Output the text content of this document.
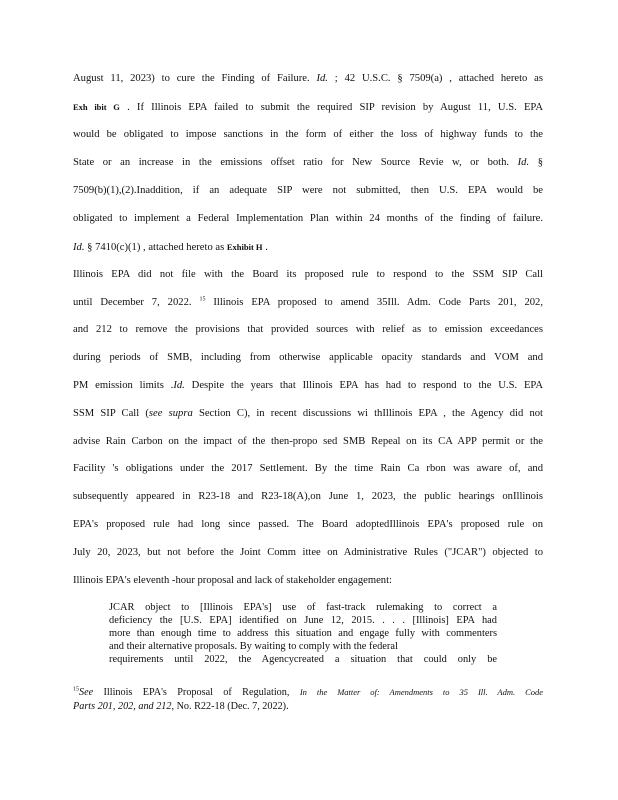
August 11, 2023) to cure the Finding of Failure. Id. ; 42 U.S.C. § 7509(a) , attached hereto as
Exh ibit G . If Illinois EPA failed to submit the required SIP revision by August 11, U.S. EPA
would be obligated to impose sanctions in the form of either the loss of highway funds to the
State or an increase in the emissions offset ratio for New Source Revie w, or both. Id. §
7509(b)(1),(2).Inaddition, if an adequate SIP were not submitted, then U.S. EPA would be
obligated to implement a Federal Implementation Plan within 24 months of the finding of failure.
Id. § 7410(c)(1) , attached hereto as Exhibit H .
Illinois EPA did not file with the Board its proposed rule to respond to the SSM SIP Call
until December 7, 2022. $^{15}$ Illinois EPA proposed to amend 35Ill. Adm. Code Parts 201, 202,
and 212 to remove the provisions that provided sources with relief as to emission exceedances
during periods of SMB, including from otherwise applicable opacity standards and VOM and
PM emission limits .Id. Despite the years that Illinois EPA has had to respond to the U.S. EPA
SSM SIP Call (see supra Section C), in recent discussions wi thIllinois EPA , the Agency did not
advise Rain Carbon on the impact of the then-propo sed SMB Repeal on its CA APP permit or the
Facility 's obligations under the 2017 Settlement. By the time Rain Ca rbon was aware of, and
subsequently appeared in R23-18 and R23-18(A),on June 1, 2023, the public hearings onIllinois
EPA's proposed rule had long since passed. The Board adoptedIllinois EPA's proposed rule on
July 20, 2023, but not before the Joint Comm ittee on Administrative Rules ("JCAR") objected to
Illinois EPA's eleventh -hour proposal and lack of stakeholder engagement:
JCAR object to [Illinois EPA's] use of fast-track rulemaking to correct a
deficiency the [U.S. EPA] identified on June 12, 2015. . . . [Illinois] EPA had
more than enough time to address this situation and engage fully with commenters
and their alternative proposals. By waiting to comply with the federal
requirements until 2022, the Agencycreated a situation that could only be
$^{15}$See Illinois EPA's Proposal of Regulation, In the Matter of: Amendments to 35 Ill. Adm. Code
Parts 201, 202, and 212, No. R22-18 (Dec. 7, 2022).
